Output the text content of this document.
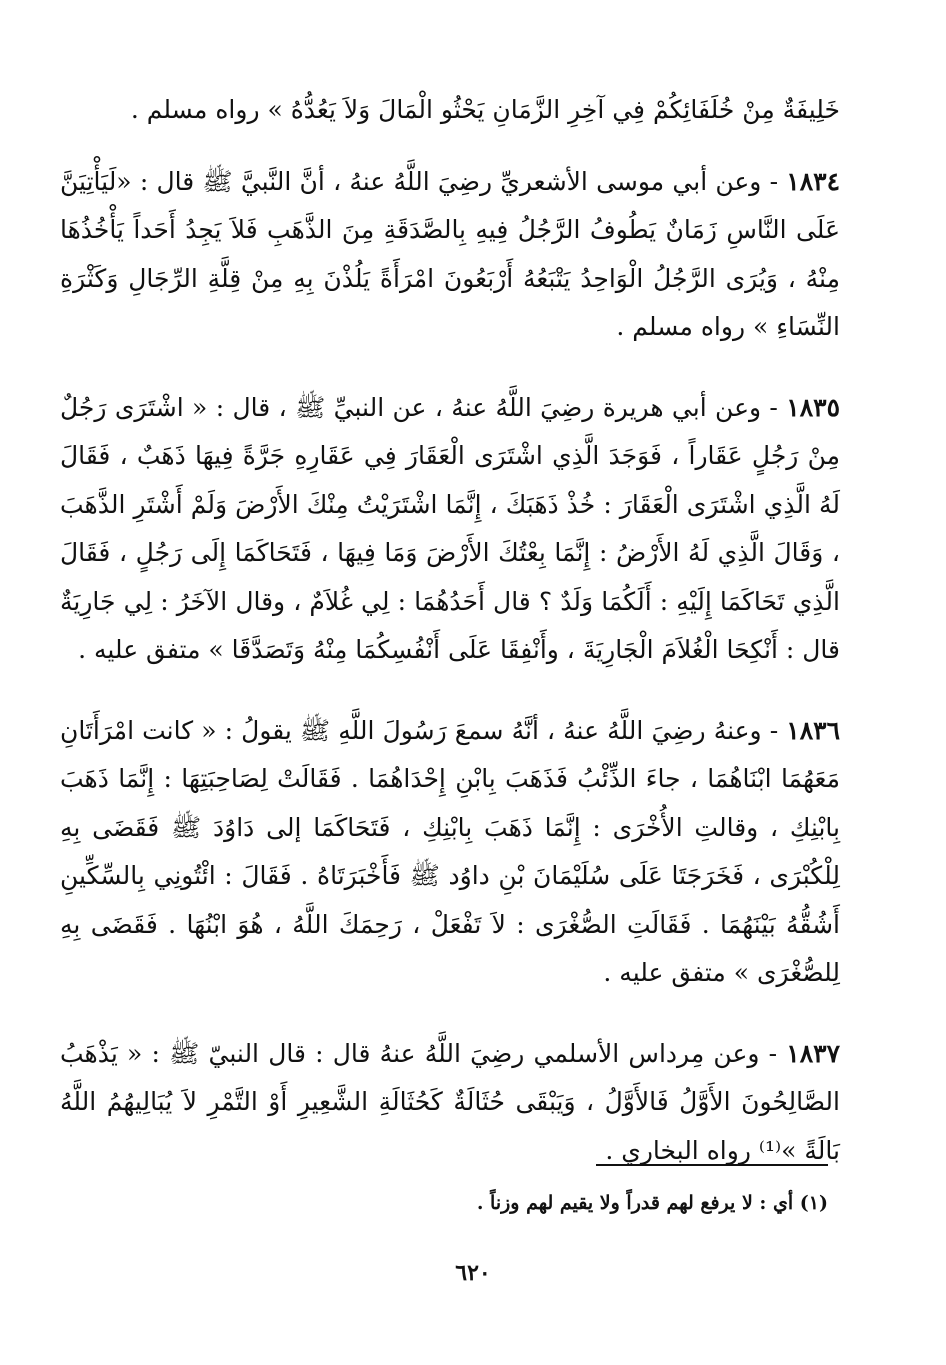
خَلِيفَةٌ مِنْ خُلَفَائِكُمْ فِي آخِرِ الزَّمَانِ يَحْثُو الْمَالَ وَلاَ يَعُدُّهُ » رواه مسلم .

١٨٣٤ - وعن أبي موسى الأشعريِّ رضِيَ اللَّهُ عنهُ ، أنَّ النَّبيَّ ﷺ قال : «لَيَأْتِيَنَّ عَلَى النَّاسِ زَمَانٌ يَطُوفُ الرَّجُلُ فِيهِ بِالصَّدَقَةِ مِنَ الذَّهَبِ فَلاَ يَجِدُ أَحَداً يَأْخُذُهَا مِنْهُ ، وَيُرَى الرَّجُلُ الْوَاحِدُ يَتْبَعُهُ أَرْبَعُونَ امْرَأَةً يَلُذْنَ بِهِ مِنْ قِلَّةِ الرِّجَالِ وَكَثْرَةِ النِّسَاءِ » رواه مسلم .

١٨٣٥ - وعن أبي هريرة رضِيَ اللَّهُ عنهُ ، عن النبيِّ ﷺ ، قال : « اشْتَرَى رَجُلٌ مِنْ رَجُلٍ عَقَاراً ، فَوَجَدَ الَّذِي اشْتَرَى الْعَقَارَ فِي عَقَارِهِ جَرَّةً فِيهَا ذَهَبٌ ، فَقَالَ لَهُ الَّذِي اشْتَرَى الْعَقَارَ : خُذْ ذَهَبَكَ ، إِنَّمَا اشْتَرَيْتُ مِنْكَ الأَرْضَ وَلَمْ أَشْتَرِ الذَّهَبَ ، وَقَالَ الَّذِي لَهُ الأَرْضُ : إِنَّمَا بِعْتُكَ الأَرْضَ وَمَا فِيهَا ، فَتَحَاكَمَا إِلَى رَجُلٍ ، فَقَالَ الَّذِي تَحَاكَمَا إِلَيْهِ : أَلَكُمَا وَلَدٌ ؟ قال أَحَدُهُمَا : لِي غُلاَمٌ ، وقال الآخَرُ : لِي جَارِيَةٌ قال : أَنْكِحَا الْغُلاَمَ الْجَارِيَةَ ، وأَنْفِقَا عَلَى أَنْفُسِكُمَا مِنْهُ وَتَصَدَّقَا » متفق عليه .

١٨٣٦ - وعنهُ رضِيَ اللَّهُ عنهُ ، أنَّهُ سمعَ رَسُولَ اللَّهِ ﷺ يقولُ : « كانت امْرَأَتَانِ مَعَهُمَا ابْنَاهُمَا ، جاءَ الذِّئْبُ فَذَهَبَ بِابْنِ إِحْدَاهُمَا . فَقَالَتْ لِصَاحِبَتِهَا : إِنَّمَا ذَهَبَ بِابْنِكِ ، وقالتِ الأُخْرَى : إِنَّمَا ذَهَبَ بِابْنِكِ ، فَتَحَاكَمَا إلى دَاوُدَ ﷺ فَقَضَى بِهِ لِلْكُبْرَى ، فَخَرَجَتَا عَلَى سُلَيْمَانَ بْنِ داوُد ﷺ فَأَخْبَرَتَاهُ . فَقَالَ : ائْتُونِي بِالسِّكِّينِ أَشُقُّهُ بَيْنَهُمَا . فَقَالَتِ الصُّغْرَى : لاَ تَفْعَلْ ، رَحِمَكَ اللَّهُ ، هُوَ ابْنُهَا . فَقَضَى بِهِ لِلصُّغْرَى » متفق عليه .

١٨٣٧ - وعن مِرداس الأسلمي رضِيَ اللَّهُ عنهُ قال : قال النبيّ ﷺ : « يَذْهَبُ الصَّالِحُونَ الأَوَّلُ فَالأَوَّلُ ، وَيَبْقَى حُثَالَةٌ كَحُثَالَةِ الشَّعِيرِ أَوْ التَّمْرِ لاَ يُبَالِيهُمُ اللَّهُ بَالَةً »⁽¹⁾ رواه البخاري .

(١) أي : لا يرفع لهم قدراً ولا يقيم لهم وزناً .
٦٢٠
